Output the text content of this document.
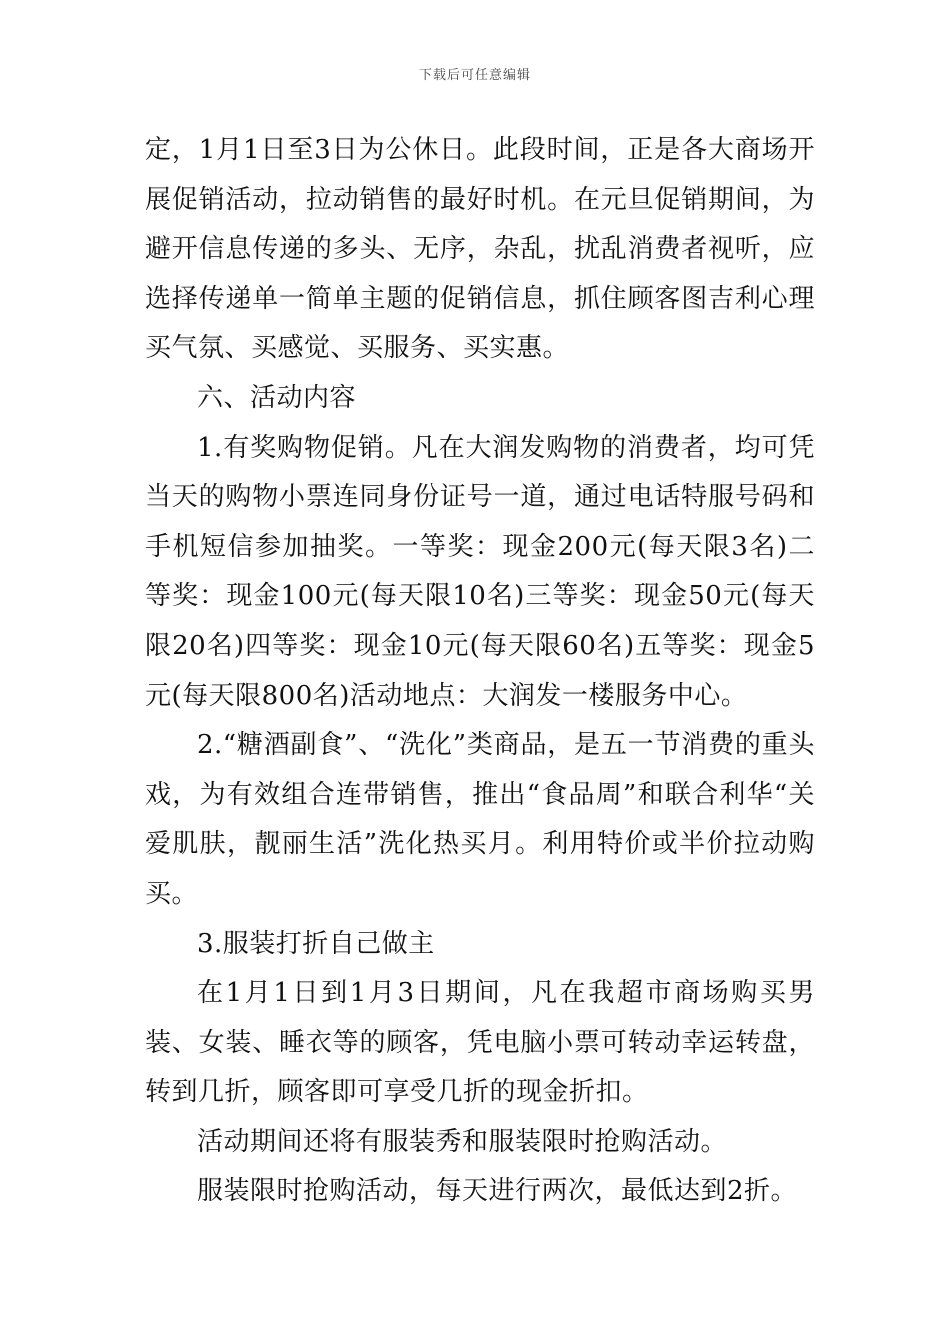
下载后可任意编辑

定，1月1日至3日为公休日。此段时间，正是各大商场开展促销活动，拉动销售的最好时机。在元旦促销期间，为避开信息传递的多头、无序，杂乱，扰乱消费者视听，应选择传递单一简单主题的促销信息，抓住顾客图吉利心理买气氛、买感觉、买服务、买实惠。

六、活动内容

1.有奖购物促销。凡在大润发购物的消费者，均可凭当天的购物小票连同身份证号一道，通过电话特服号码和手机短信参加抽奖。一等奖：现金200元(每天限3名)二等奖：现金100元(每天限10名)三等奖：现金50元(每天限20名)四等奖：现金10元(每天限60名)五等奖：现金5元(每天限800名)活动地点：大润发一楼服务中心。

2.“糖酒副食”、“洗化”类商品，是五一节消费的重头戏，为有效组合连带销售，推出“食品周”和联合利华“关爱肌肤，靓丽生活”洗化热买月。利用特价或半价拉动购买。

3.服装打折自己做主

在1月1日到1月3日期间，凡在我超市商场购买男装、女装、睡衣等的顾客，凭电脑小票可转动幸运转盘，转到几折，顾客即可享受几折的现金折扣。

活动期间还将有服装秀和服装限时抢购活动。

服装限时抢购活动，每天进行两次，最低达到2折。
